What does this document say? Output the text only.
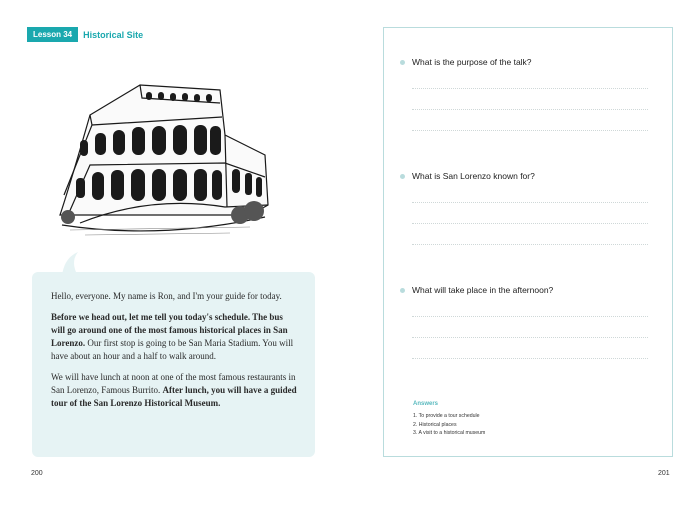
Lesson 34	Historical Site

Hello, everyone. My name is Ron, and I'm your guide for today.

Before we head out, let me tell you today's schedule. The bus will go around one of the most famous historical places in San Lorenzo. Our first stop is going to be San Maria Stadium. You will have about an hour and a half to walk around.

We will have lunch at noon at one of the most famous restaurants in San Lorenzo, Famous Burrito. After lunch, you will have a guided tour of the San Lorenzo Historical Museum.

200	201
What is the purpose of the talk?
What is San Lorenzo known for?
What will take place in the afternoon?
Answers
1. To provide a tour schedule
2. Historical places
3. A visit to a historical museum
